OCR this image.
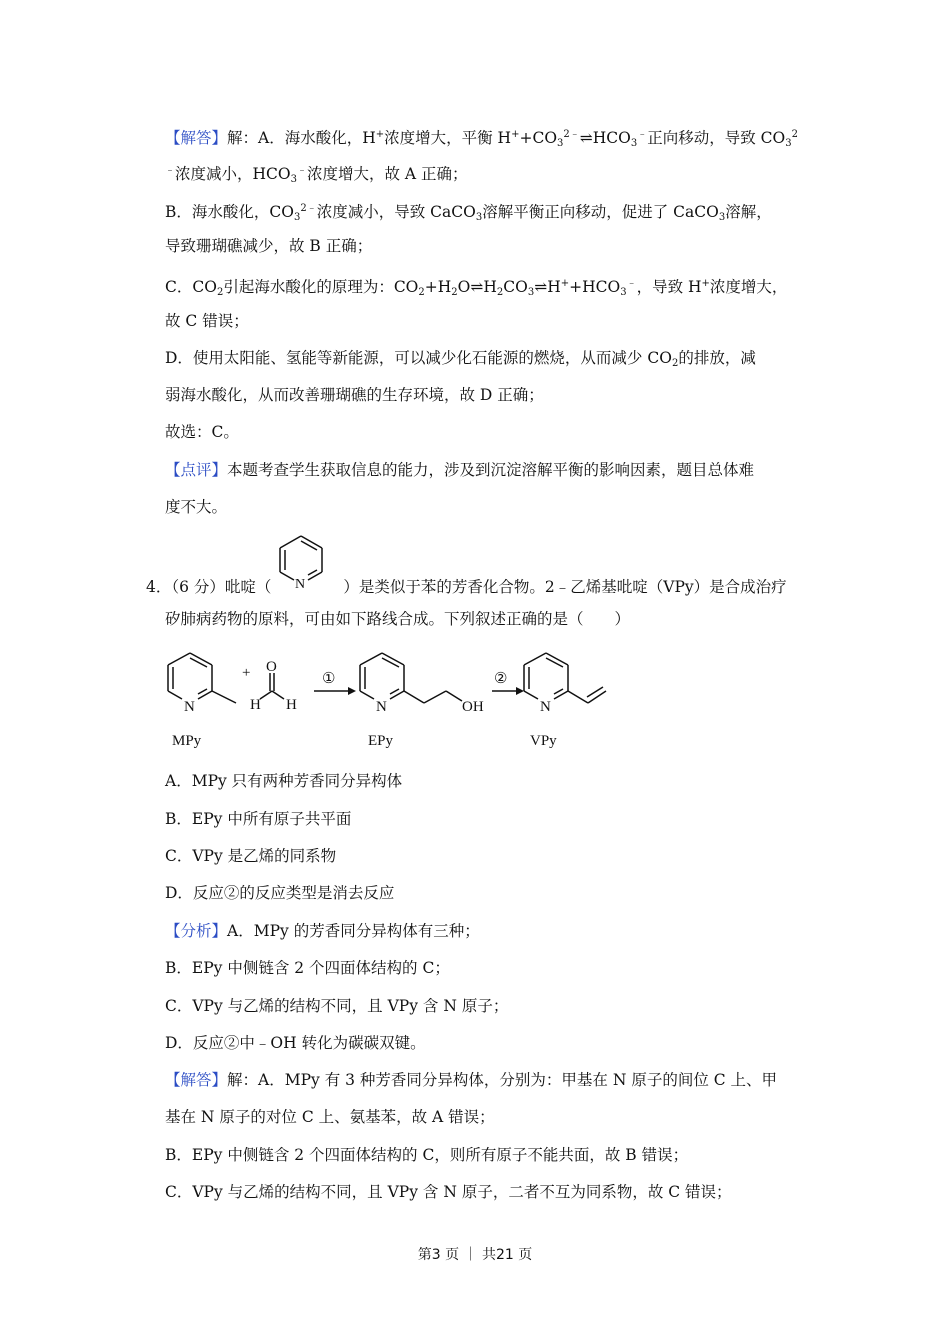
【解答】解：A．海水酸化，H+浓度增大，平衡 $H^++CO_3^{2﹣}\rightleftharpoons HCO_3^﹣$正向移动，导致 $CO_3^2$
﹣浓度减小，$HCO_3^﹣$浓度增大，故 A 正确；
B．海水酸化，$CO_3^{2﹣}$浓度减小，导致 CaCO$_3$溶解平衡正向移动，促进了 CaCO$_3$溶解，
导致珊瑚礁减少，故 B 正确；
C．$CO_2$引起海水酸化的原理为：$CO_2+H_2O\rightleftharpoons H_2CO_3\rightleftharpoons H^++HCO_3^﹣$，导致 H+浓度增大，
故 C 错误；
D．使用太阳能、氢能等新能源，可以减少化石能源的燃烧，从而减少 $CO_2$的排放，减
弱海水酸化，从而改善珊瑚礁的生存环境，故 D 正确；
故选：C。
【点评】本题考查学生获取信息的能力，涉及到沉淀溶解平衡的影响因素，题目总体难
度不大。
4．（6 分）吡啶（	）是类似于苯的芳香化合物。2﹣乙烯基吡啶（VPy）是合成治疗
N
矽肺病药物的原料，可由如下路线合成。下列叙述正确的是（　　）
N
+ O
H H
①
N	OH
②
N
MPy	EPy	VPy
A．MPy 只有两种芳香同分异构体
B．EPy 中所有原子共平面
C．VPy 是乙烯的同系物
D．反应②的反应类型是消去反应
【分析】A．MPy 的芳香同分异构体有三种；
B．EPy 中侧链含 2 个四面体结构的 C；
C．VPy 与乙烯的结构不同，且 VPy 含 N 原子；
D．反应②中﹣OH 转化为碳碳双键。
【解答】解：A．MPy 有 3 种芳香同分异构体，分别为：甲基在 N 原子的间位 C 上、甲
基在 N 原子的对位 C 上、氨基苯，故 A 错误；
B．EPy 中侧链含 2 个四面体结构的 C，则所有原子不能共面，故 B 错误；
C．VPy 与乙烯的结构不同，且 VPy 含 N 原子，二者不互为同系物，故 C 错误；
第3 页 ｜ 共21 页
